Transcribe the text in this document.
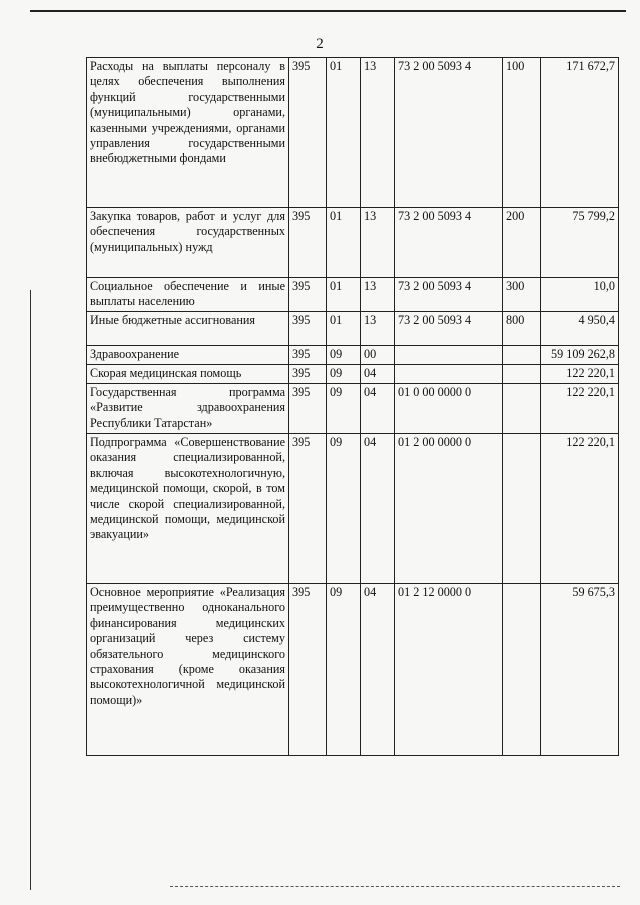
2
Расходы на выплаты персоналу в целях обеспечения выполнения функций государственными (муниципальными) органами, казенными учреждениями, органами управления государственными внебюджетными фондами	395	01	13	73 2 00 5093 4	100	171 672,7
Закупка товаров, работ и услуг для обеспечения государственных (муниципальных) нужд	395	01	13	73 2 00 5093 4	200	75 799,2
Социальное обеспечение и иные выплаты населению	395	01	13	73 2 00 5093 4	300	10,0
Иные бюджетные ассигнования	395	01	13	73 2 00 5093 4	800	4 950,4
Здравоохранение	395	09	00			59 109 262,8
Скорая медицинская помощь	395	09	04			122 220,1
Государственная программа «Развитие здравоохранения Республики Татарстан»	395	09	04	01 0 00 0000 0		122 220,1
Подпрограмма «Совершенствование оказания специализированной, включая высокотехнологичную, медицинской помощи, скорой, в том числе скорой специализированной, медицинской помощи, медицинской эвакуации»	395	09	04	01 2 00 0000 0		122 220,1
Основное мероприятие «Реализация преимущественно одноканального финансирования медицинских организаций через систему обязательного медицинского страхования (кроме оказания высокотехнологичной медицинской помощи)»	395	09	04	01 2 12 0000 0		59 675,3
